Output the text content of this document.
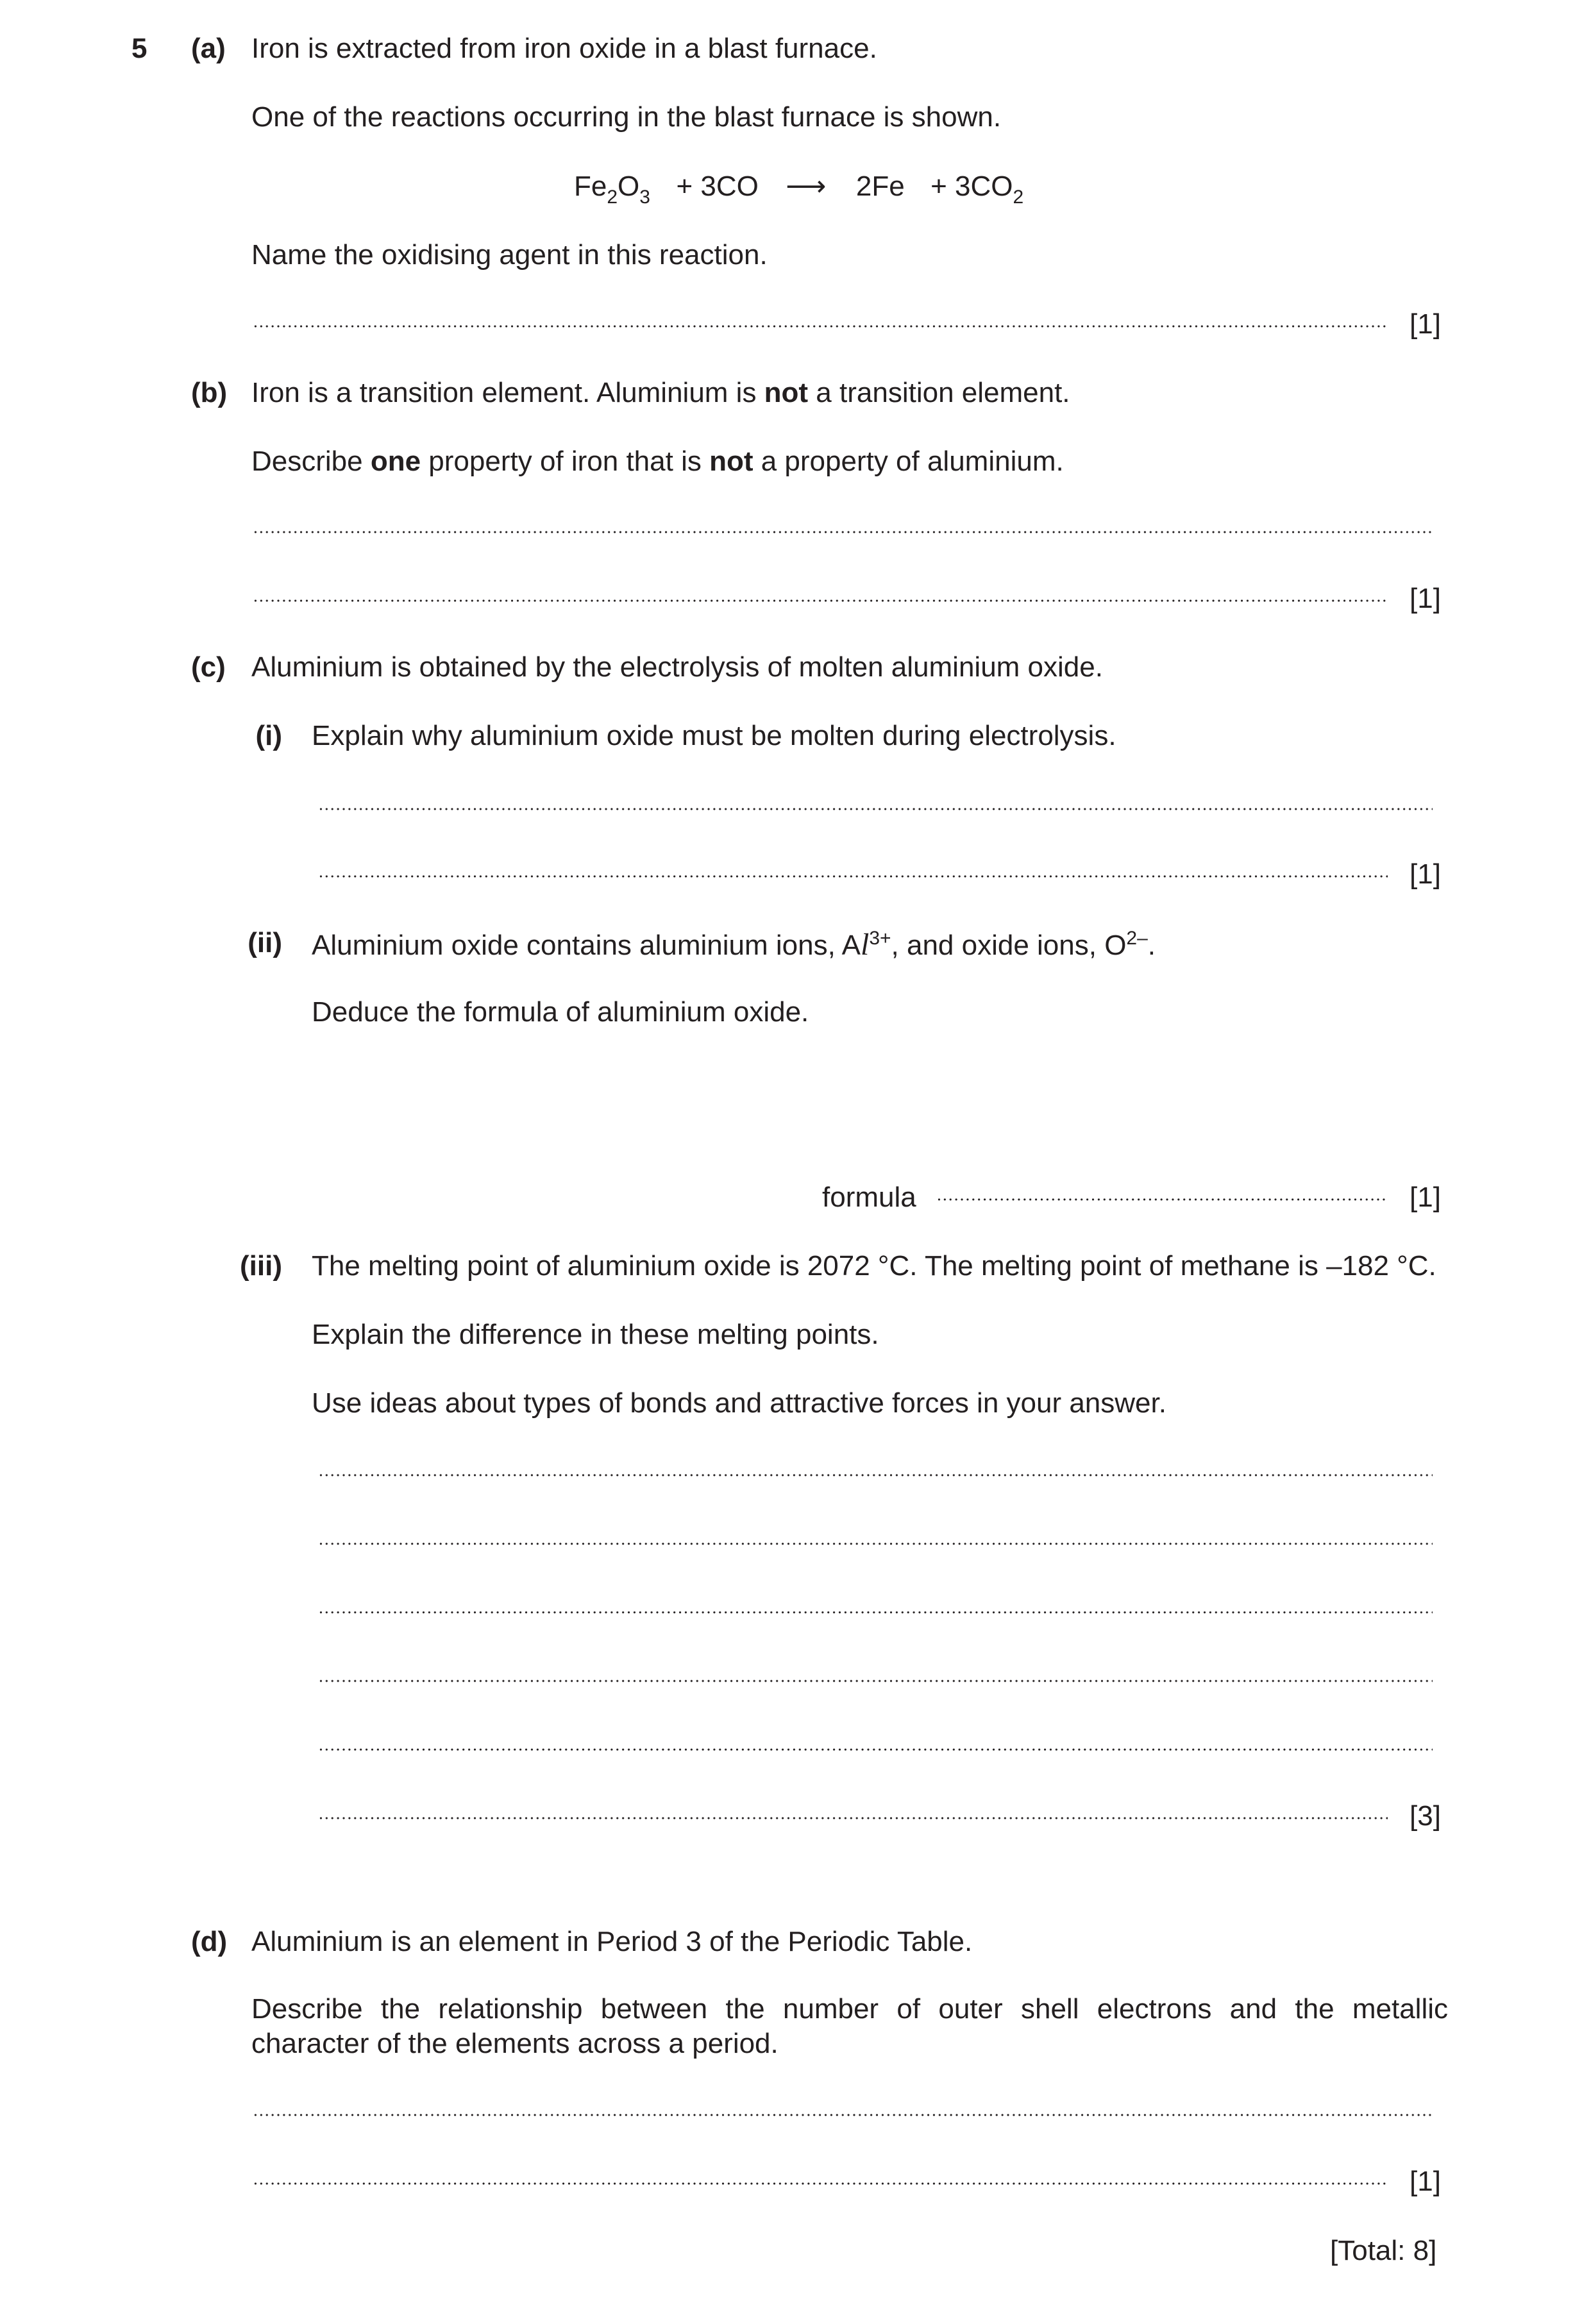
5 (a) Iron is extracted from iron oxide in a blast furnace.
One of the reactions occurring in the blast furnace is shown.
$Fe_2O_3 + 3CO$ ⟶ $2Fe + 3CO_2$
Name the oxidising agent in this reaction.
[1]
(b) Iron is a transition element. Aluminium is not a transition element.
Describe one property of iron that is not a property of aluminium.
[1]
(c) Aluminium is obtained by the electrolysis of molten aluminium oxide.
(i) Explain why aluminium oxide must be molten during electrolysis.
[1]
(ii) Aluminium oxide contains aluminium ions, $Al^{3+}$, and oxide ions, $O^{2-}$.
Deduce the formula of aluminium oxide.
formula	[1]
(iii) The melting point of aluminium oxide is 2072 °C. The melting point of methane is –182 °C.
Explain the difference in these melting points.
Use ideas about types of bonds and attractive forces in your answer.
[3]
(d) Aluminium is an element in Period 3 of the Periodic Table.
Describe the relationship between the number of outer shell electrons and the metallic character of the elements across a period.
[1]
[Total: 8]
